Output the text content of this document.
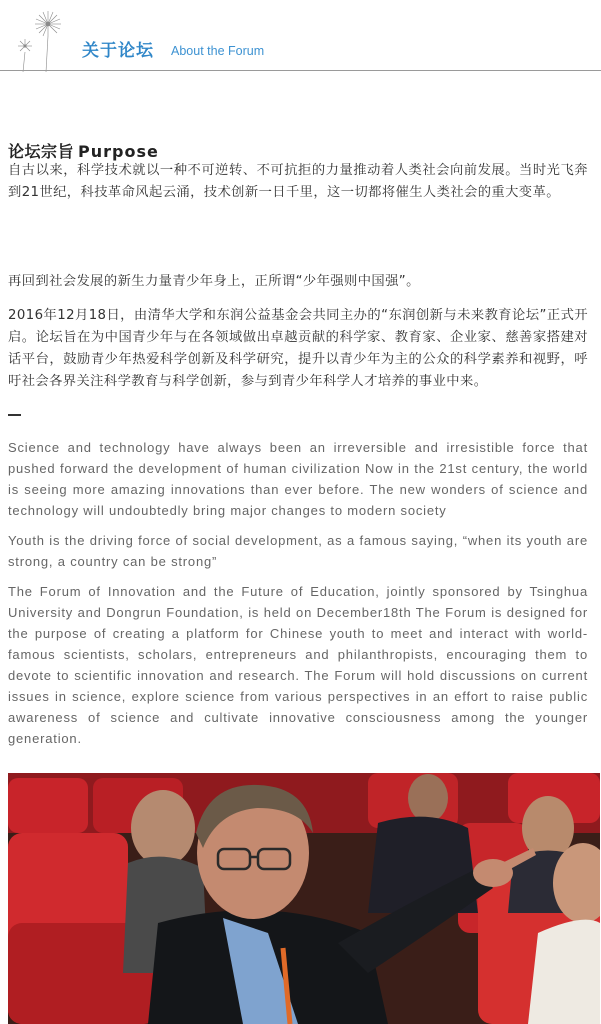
关于论坛 About the Forum
论坛宗旨 Purpose

自古以来，科学技术就以一种不可逆转、不可抗拒的力量推动着人类社会向前发展。当时光飞奔到21世纪，科技革命风起云涌，技术创新一日千里，这一切都将催生人类社会的重大变革。

再回到社会发展的新生力量青少年身上，正所谓“少年强则中国强”。

2016年12月18日，由清华大学和东润公益基金会共同主办的“东润创新与未来教育论坛”正式开启。论坛旨在为中国青少年与在各领域做出卓越贡献的科学家、教育家、企业家、慈善家搭建对话平台，鼓励青少年热爱科学创新及科学研究，提升以青少年为主的公众的科学素养和视野，呼吁社会各界关注科学教育与科学创新，参与到青少年科学人才培养的事业中来。

Science and technology have always been an irreversible and irresistible force that pushed forward the development of human civilization Now in the 21st century, the world is seeing more amazing innovations than ever before. The new wonders of science and technology will undoubtedly bring major changes to modern society

Youth is the driving force of social development, as a famous saying, “when its youth are strong, a country can be strong”

The Forum of Innovation and the Future of Education, jointly sponsored by Tsinghua University and Dongrun Foundation, is held on December18th The Forum is designed for the purpose of creating a platform for Chinese youth to meet and interact with world-famous scientists, scholars, entrepreneurs and philanthropists, encouraging them to devote to scientific innovation and research. The Forum will hold discussions on current issues in science, explore science from various perspectives in an effort to raise public awareness of science and cultivate innovative consciousness among the younger generation.
